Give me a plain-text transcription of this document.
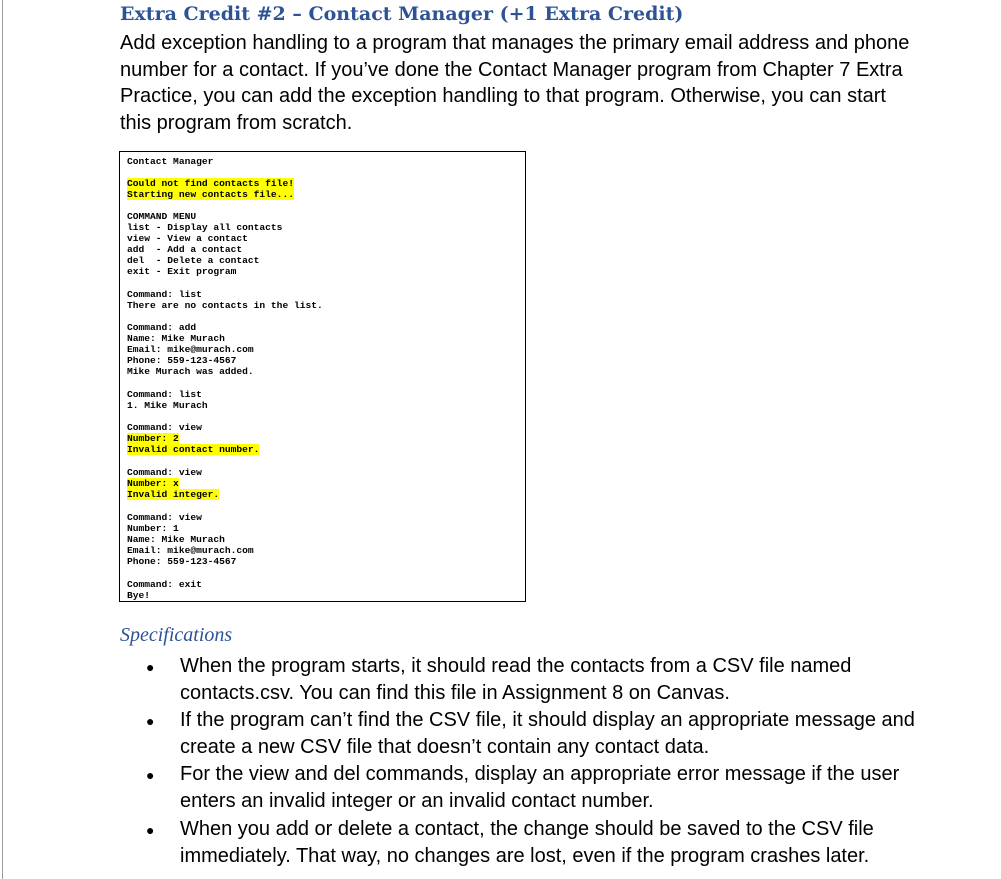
Extra Credit #2 – Contact Manager (+1 Extra Credit)
Add exception handling to a program that manages the primary email address and phone number for a contact. If you’ve done the Contact Manager program from Chapter 7 Extra Practice, you can add the exception handling to that program. Otherwise, you can start this program from scratch.
Contact Manager
Could not find contacts file!
Starting new contacts file...
COMMAND MENU
list - Display all contacts
view - View a contact
add  - Add a contact
del  - Delete a contact
exit - Exit program
Command: list
There are no contacts in the list.
Command: add
Name: Mike Murach
Email: mike@murach.com
Phone: 559-123-4567
Mike Murach was added.
Command: list
1. Mike Murach
Command: view
Number: 2
Invalid contact number.
Command: view
Number: x
Invalid integer.
Command: view
Number: 1
Name: Mike Murach
Email: mike@murach.com
Phone: 559-123-4567
Command: exit
Bye!
Specifications
● When the program starts, it should read the contacts from a CSV file named contacts.csv. You can find this file in Assignment 8 on Canvas.
● If the program can’t find the CSV file, it should display an appropriate message and create a new CSV file that doesn’t contain any contact data.
● For the view and del commands, display an appropriate error message if the user enters an invalid integer or an invalid contact number.
● When you add or delete a contact, the change should be saved to the CSV file immediately. That way, no changes are lost, even if the program crashes later.
